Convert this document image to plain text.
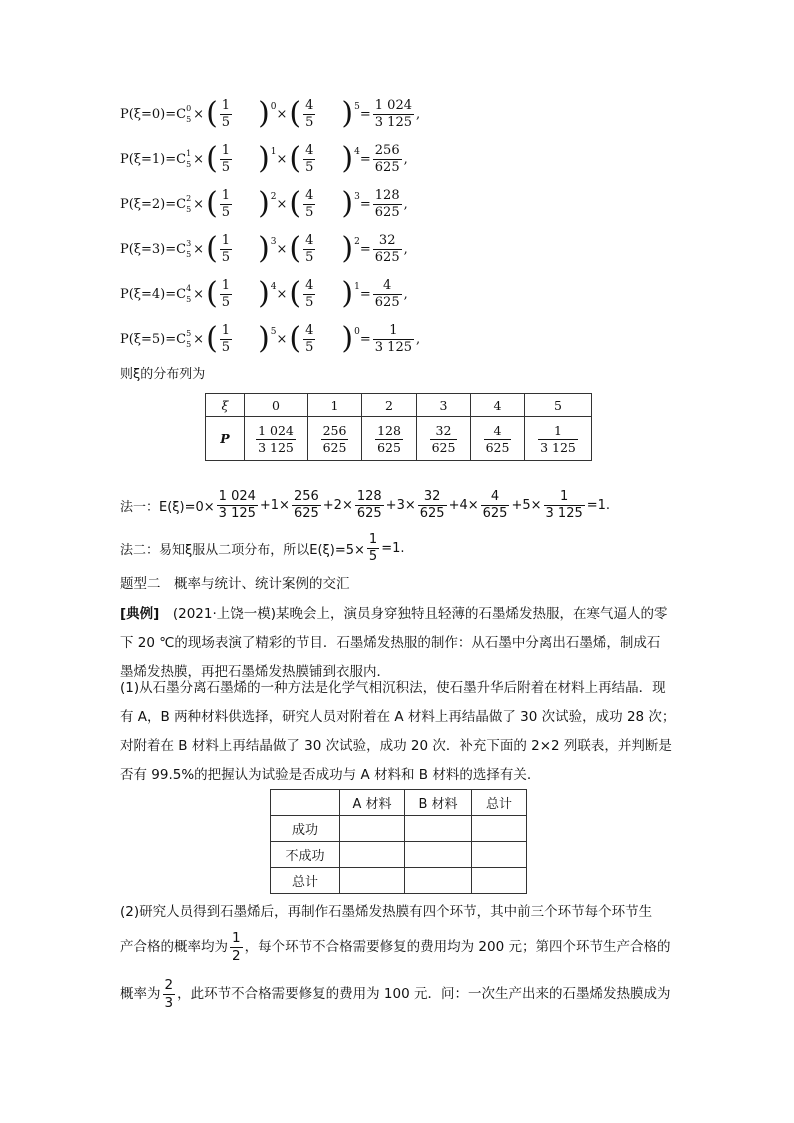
P(ξ=0)=C 0
5 × ( $\frac{1}{5}$ ) 0 × ( $\frac{4}{5}$ ) $5 = \frac{1 024}{3 125}$ ,
P(ξ=1)=C 1
5 × ( $\frac{1}{5}$ ) 1 × ( $\frac{4}{5}$ ) $4 = \frac{256}{625}$ ,
P(ξ=2)=C 2
5 × ( $\frac{1}{5}$ ) 2 × ( $\frac{4}{5}$ ) $3 = \frac{128}{625}$ ,
P(ξ=3)=C 3
5 × ( $\frac{1}{5}$ ) 3 × ( $\frac{4}{5}$ ) $2 = \frac{32}{625}$ ,
P(ξ=4)=C 4
5 × ( $\frac{1}{5}$ ) 4 × ( $\frac{4}{5}$ ) $1 = \frac{4}{625}$ ,
P(ξ=5)=C 5
5 × ( $\frac{1}{5}$ ) 5 × ( $\frac{4}{5}$ ) $0 = \frac{1}{3 125}$ ,
则ξ的分布列为
ξ	0	1	2	3	4	5
P	$\frac{1 024}{3 125}$	$\frac{256}{625}$	$\frac{128}{625}$	$\frac{32}{625}$	$\frac{4}{625}$	$\frac{1}{3 125}$
法一：$E(\xi)=0\times \frac{1 024}{3 125} +1\times \frac{256}{625} +2\times \frac{128}{625} +3\times \frac{32}{625} +4\times \frac{4}{625} +5\times \frac{1}{3 125} =1$.
法二：易知ξ服从二项分布，所以$E(\xi)=5\times \frac{1}{5} =1$.
题型二　概率与统计、统计案例的交汇
[典例]　(2021·上饶一模)某晚会上，演员身穿独特且轻薄的石墨烯发热服，在寒气逼人的零
下 20 ℃的现场表演了精彩的节目．石墨烯发热服的制作：从石墨中分离出石墨烯，制成石
墨烯发热膜，再把石墨烯发热膜铺到衣服内．
(1)从石墨分离石墨烯的一种方法是化学气相沉积法，使石墨升华后附着在材料上再结晶．现
有 A，B 两种材料供选择，研究人员对附着在 A 材料上再结晶做了 30 次试验，成功 28 次；
对附着在 B 材料上再结晶做了 30 次试验，成功 20 次．补充下面的 2×2 列联表，并判断是
否有 99.5%的把握认为试验是否成功与 A 材料和 B 材料的选择有关.
	A 材料	B 材料	总计
成功			
不成功			
总计			
(2)研究人员得到石墨烯后，再制作石墨烯发热膜有四个环节，其中前三个环节每个环节生
产合格的概率均为 $\frac{1}{2}$ ，每个环节不合格需要修复的费用均为 200 元；第四个环节生产合格的
概率为 $\frac{2}{3}$ ，此环节不合格需要修复的费用为 100 元．问：一次生产出来的石墨烯发热膜成为
